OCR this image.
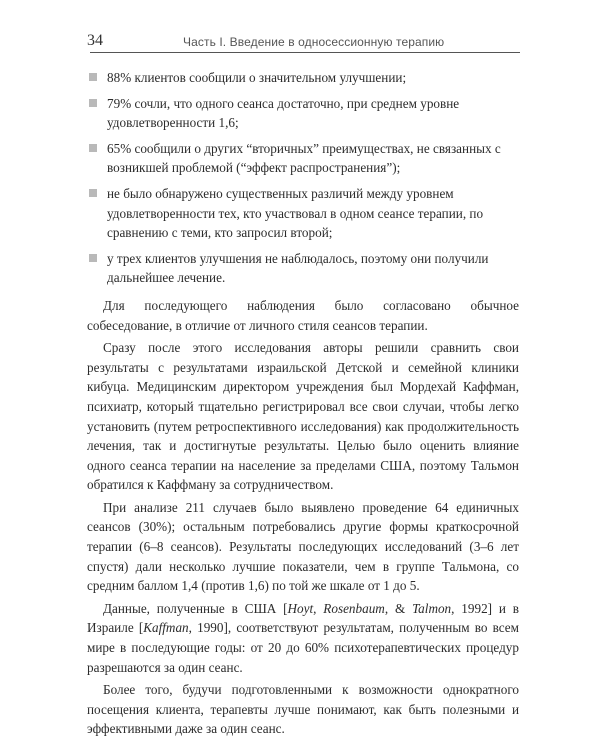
34	Часть I. Введение в односессионную терапию
88% клиентов сообщили о значительном улучшении;
79% сочли, что одного сеанса достаточно, при среднем уровне удовлетворенности 1,6;
65% сообщили о других “вторичных” преимуществах, не связанных с возникшей проблемой (“эффект распространения”);
не было обнаружено существенных различий между уровнем удовлетворенности тех, кто участвовал в одном сеансе терапии, по сравнению с теми, кто запросил второй;
у трех клиентов улучшения не наблюдалось, поэтому они получили дальнейшее лечение.

Для последующего наблюдения было согласовано обычное собеседование, в отличие от личного стиля сеансов терапии.

Сразу после этого исследования авторы решили сравнить свои результаты с результатами израильской Детской и семейной клиники кибуца. Медицинским директором учреждения был Мордехай Каффман, психиатр, который тщательно регистрировал все свои случаи, чтобы легко установить (путем ретроспективного исследования) как продолжительность лечения, так и достигнутые результаты. Целью было оценить влияние одного сеанса терапии на население за пределами США, поэтому Тальмон обратился к Каффману за сотрудничеством.

При анализе 211 случаев было выявлено проведение 64 единичных сеансов (30%); остальным потребовались другие формы краткосрочной терапии (6–8 сеансов). Результаты последующих исследований (3–6 лет спустя) дали несколько лучшие показатели, чем в группе Тальмона, со средним баллом 1,4 (против 1,6) по той же шкале от 1 до 5.

Данные, полученные в США [Hoyt, Rosenbaum, & Talmon, 1992] и в Израиле [Kaffman, 1990], соответствуют результатам, полученным во всем мире в последующие годы: от 20 до 60% психотерапевтических процедур разрешаются за один сеанс.

Более того, будучи подготовленными к возможности однократного посещения клиента, терапевты лучше понимают, как быть полезными и эффективными даже за один сеанс.
